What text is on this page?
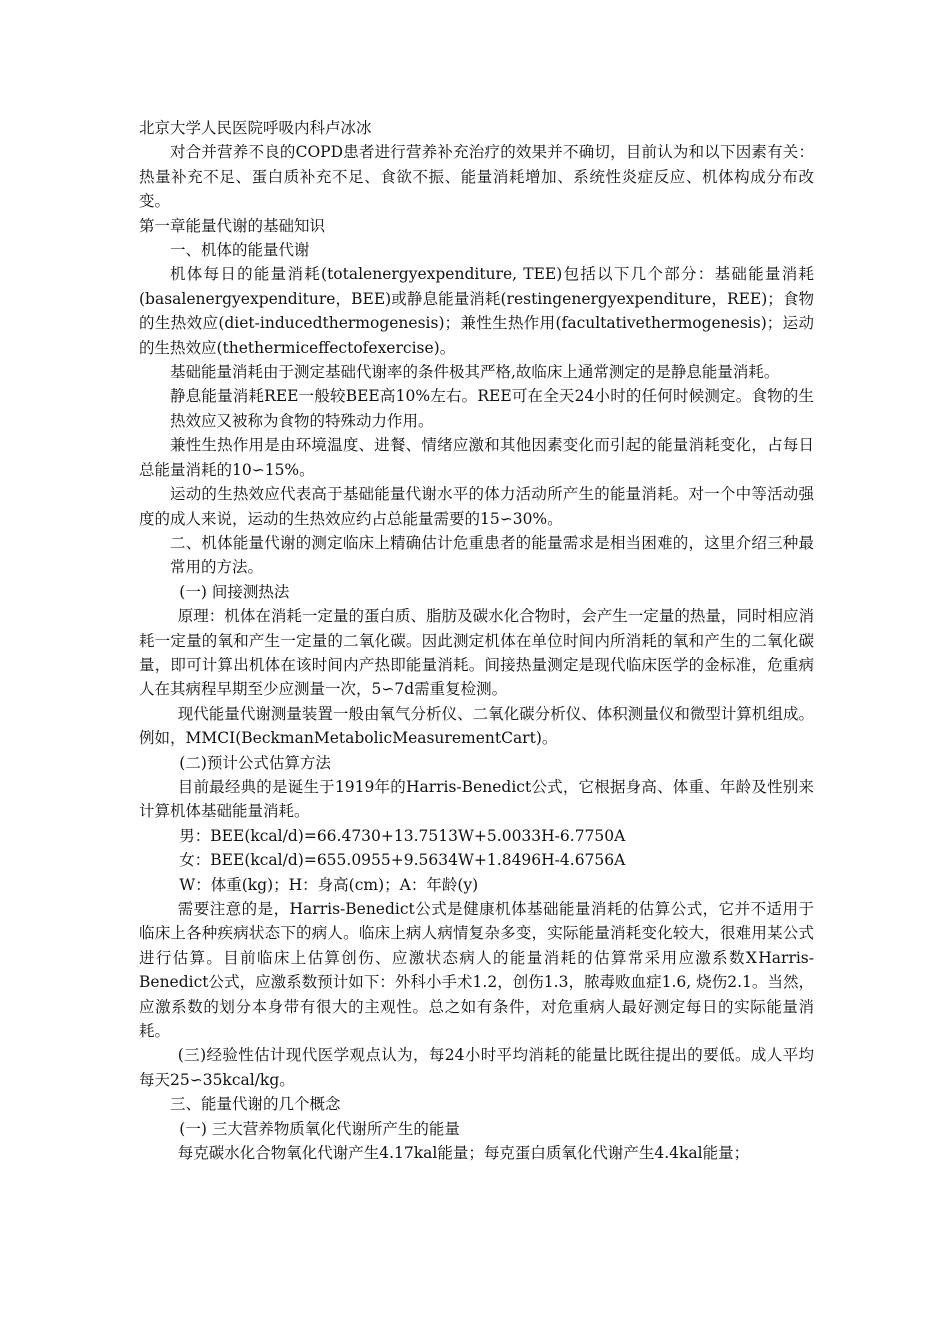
北京大学人民医院呼吸内科卢冰冰

对合并营养不良的COPD患者进行营养补充治疗的效果并不确切，目前认为和以下因素有关：热量补充不足、蛋白质补充不足、食欲不振、能量消耗增加、系统性炎症反应、机体构成分布改变。

第一章能量代谢的基础知识

一、机体的能量代谢

机体每日的能量消耗(totalenergyexpenditure, TEE)包括以下几个部分：基础能量消耗(basalenergyexpenditure，BEE)或静息能量消耗(restingenergyexpenditure，REE)；食物的生热效应(diet-inducedthermogenesis)；兼性生热作用(facultativethermogenesis)；运动的生热效应(thethermiceffectofexercise)。

基础能量消耗由于测定基础代谢率的条件极其严格,故临床上通常测定的是静息能量消耗。

静息能量消耗REE一般较BEE高10%左右。REE可在全天24小时的任何时候测定。食物的生热效应又被称为食物的特殊动力作用。

兼性生热作用是由环境温度、进餐、情绪应激和其他因素变化而引起的能量消耗变化，占每日总能量消耗的10∽15%。

运动的生热效应代表高于基础能量代谢水平的体力活动所产生的能量消耗。对一个中等活动强度的成人来说，运动的生热效应约占总能量需要的15∽30%。

二、机体能量代谢的测定临床上精确估计危重患者的能量需求是相当困难的，这里介绍三种最常用的方法。

(一) 间接测热法

原理：机体在消耗一定量的蛋白质、脂肪及碳水化合物时，会产生一定量的热量，同时相应消耗一定量的氧和产生一定量的二氧化碳。因此测定机体在单位时间内所消耗的氧和产生的二氧化碳量，即可计算出机体在该时间内产热即能量消耗。间接热量测定是现代临床医学的金标准，危重病人在其病程早期至少应测量一次，5∽7d需重复检测。

现代能量代谢测量装置一般由氧气分析仪、二氧化碳分析仪、体积测量仪和微型计算机组成。例如，MMCI(BeckmanMetabolicMeasurementCart)。

(二)预计公式估算方法

目前最经典的是诞生于1919年的Harris-Benedict公式，它根据身高、体重、年龄及性别来计算机体基础能量消耗。

男：BEE(kcal/d)=66.4730+13.7513W+5.0033H-6.7750A

女：BEE(kcal/d)=655.0955+9.5634W+1.8496H-4.6756A

W：体重(kg)；H：身高(cm)；A：年龄(y)

需要注意的是，Harris-Benedict公式是健康机体基础能量消耗的估算公式，它并不适用于临床上各种疾病状态下的病人。临床上病人病情复杂多变，实际能量消耗变化较大，很难用某公式进行估算。目前临床上估算创伤、应激状态病人的能量消耗的估算常采用应激系数ⅩHarris-Benedict公式，应激系数预计如下：外科小手术1.2，创伤1.3，脓毒败血症1.6, 烧伤2.1。当然，应激系数的划分本身带有很大的主观性。总之如有条件，对危重病人最好测定每日的实际能量消耗。

(三)经验性估计现代医学观点认为，每24小时平均消耗的能量比既往提出的要低。成人平均每天25∽35kcal/kg。

三、能量代谢的几个概念

(一) 三大营养物质氧化代谢所产生的能量

每克碳水化合物氧化代谢产生4.17kal能量；每克蛋白质氧化代谢产生4.4kal能量；
